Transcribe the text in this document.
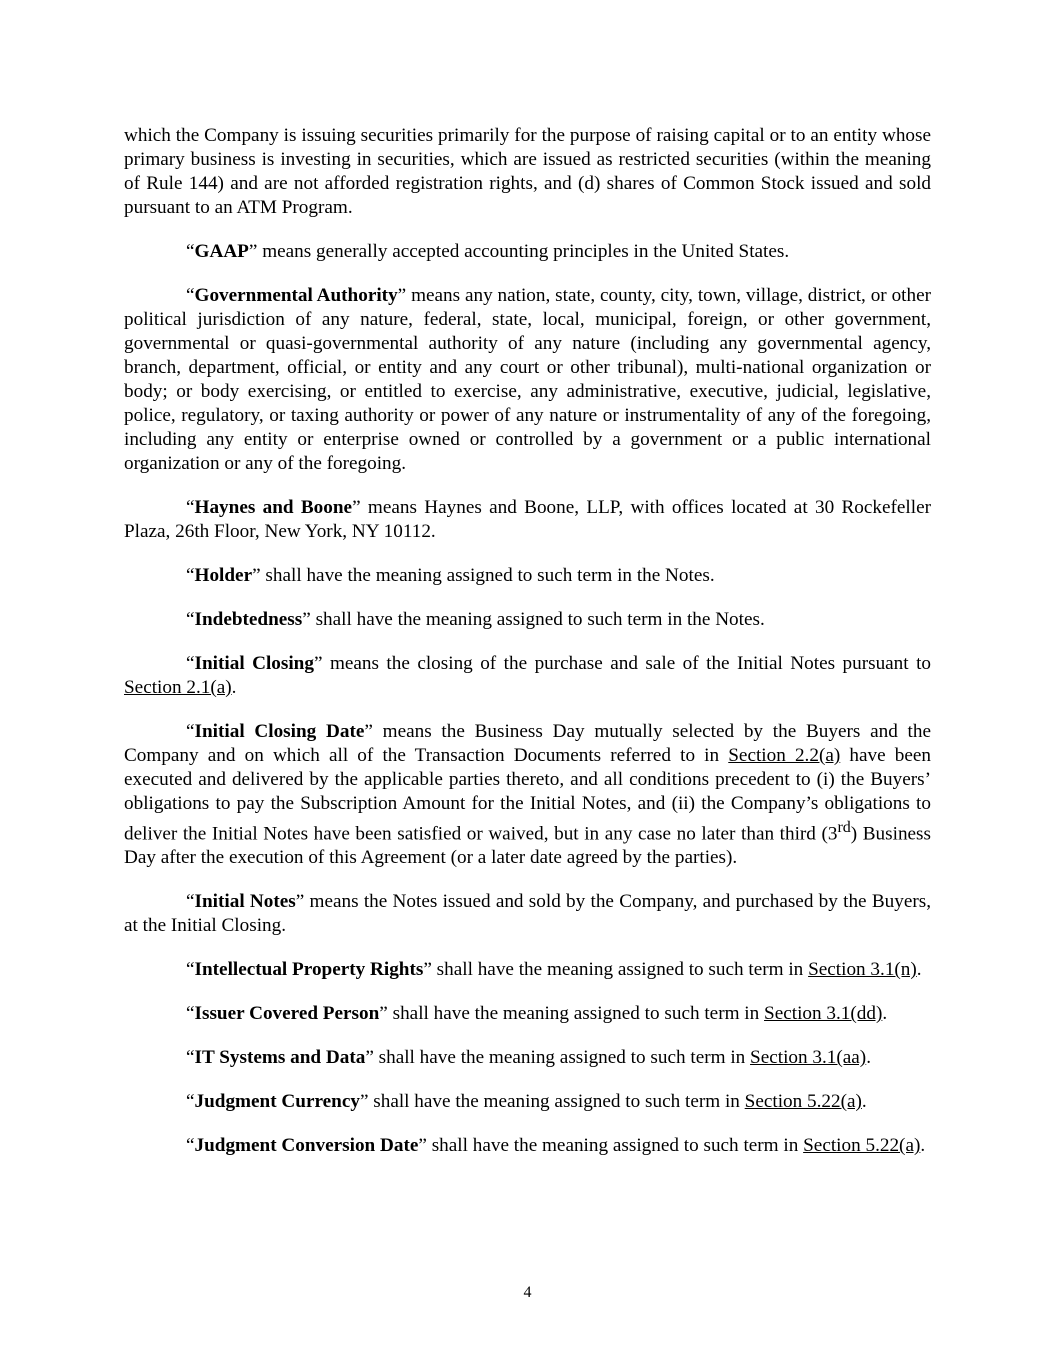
which the Company is issuing securities primarily for the purpose of raising capital or to an entity whose primary business is investing in securities, which are issued as restricted securities (within the meaning of Rule 144) and are not afforded registration rights, and (d) shares of Common Stock issued and sold pursuant to an ATM Program.

“GAAP” means generally accepted accounting principles in the United States.

“Governmental Authority” means any nation, state, county, city, town, village, district, or other political jurisdiction of any nature, federal, state, local, municipal, foreign, or other government, governmental or quasi-governmental authority of any nature (including any governmental agency, branch, department, official, or entity and any court or other tribunal), multi-national organization or body; or body exercising, or entitled to exercise, any administrative, executive, judicial, legislative, police, regulatory, or taxing authority or power of any nature or instrumentality of any of the foregoing, including any entity or enterprise owned or controlled by a government or a public international organization or any of the foregoing.

“Haynes and Boone” means Haynes and Boone, LLP, with offices located at 30 Rockefeller Plaza, 26th Floor, New York, NY 10112.

“Holder” shall have the meaning assigned to such term in the Notes.

“Indebtedness” shall have the meaning assigned to such term in the Notes.

“Initial Closing” means the closing of the purchase and sale of the Initial Notes pursuant to Section 2.1(a).

“Initial Closing Date” means the Business Day mutually selected by the Buyers and the Company and on which all of the Transaction Documents referred to in Section 2.2(a) have been executed and delivered by the applicable parties thereto, and all conditions precedent to (i) the Buyers’ obligations to pay the Subscription Amount for the Initial Notes, and (ii) the Company’s obligations to deliver the Initial Notes have been satisfied or waived, but in any case no later than third (3rd) Business Day after the execution of this Agreement (or a later date agreed by the parties).

“Initial Notes” means the Notes issued and sold by the Company, and purchased by the Buyers, at the Initial Closing.

“Intellectual Property Rights” shall have the meaning assigned to such term in Section 3.1(n).

“Issuer Covered Person” shall have the meaning assigned to such term in Section 3.1(dd).

“IT Systems and Data” shall have the meaning assigned to such term in Section 3.1(aa).

“Judgment Currency” shall have the meaning assigned to such term in Section 5.22(a).

“Judgment Conversion Date” shall have the meaning assigned to such term in Section 5.22(a).

4
